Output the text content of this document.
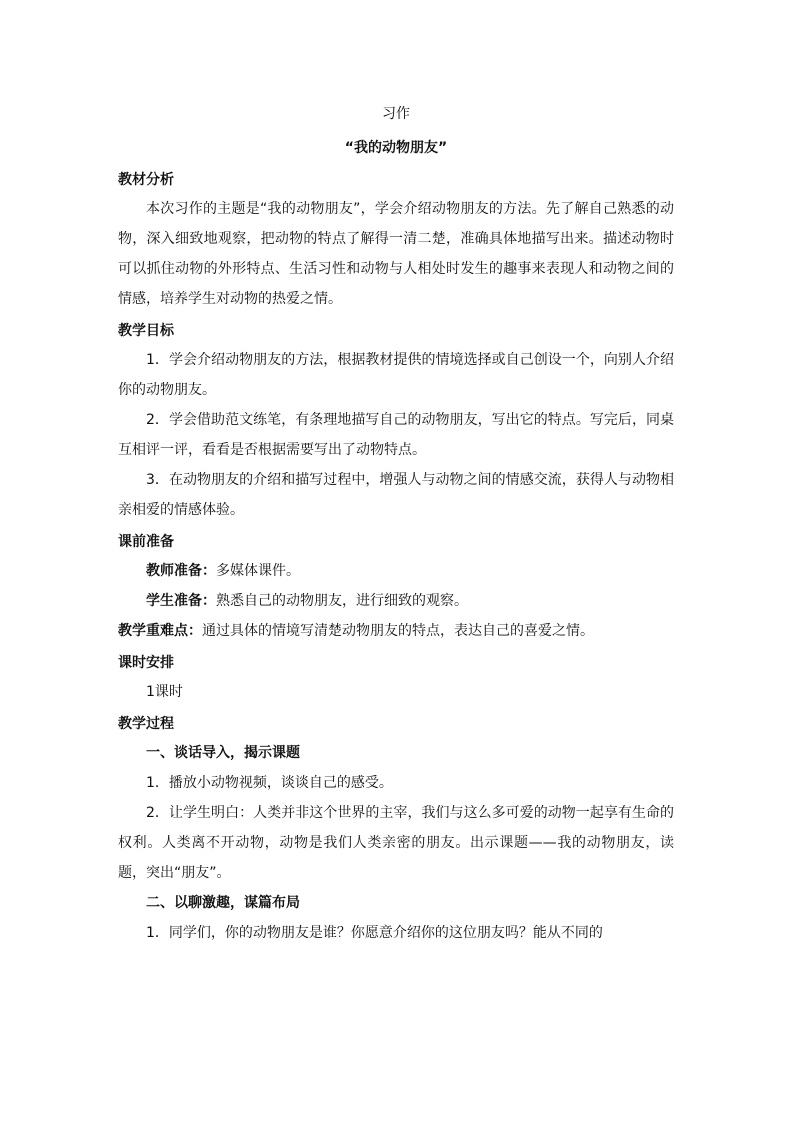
习作
“我的动物朋友”
教材分析

本次习作的主题是“我的动物朋友”，学会介绍动物朋友的方法。先了解自己熟悉的动物，深入细致地观察，把动物的特点了解得一清二楚，准确具体地描写出来。描述动物时可以抓住动物的外形特点、生活习性和动物与人相处时发生的趣事来表现人和动物之间的情感，培养学生对动物的热爱之情。

教学目标

1．学会介绍动物朋友的方法，根据教材提供的情境选择或自己创设一个，向别人介绍你的动物朋友。

2．学会借助范文练笔，有条理地描写自己的动物朋友，写出它的特点。写完后，同桌互相评一评，看看是否根据需要写出了动物特点。

3．在动物朋友的介绍和描写过程中，增强人与动物之间的情感交流，获得人与动物相亲相爱的情感体验。

课前准备

教师准备：多媒体课件。

学生准备：熟悉自己的动物朋友，进行细致的观察。

教学重难点：通过具体的情境写清楚动物朋友的特点，表达自己的喜爱之情。

课时安排

1课时

教学过程

一、谈话导入，揭示课题

1．播放小动物视频，谈谈自己的感受。

2．让学生明白：人类并非这个世界的主宰，我们与这么多可爱的动物一起享有生命的权利。人类离不开动物，动物是我们人类亲密的朋友。出示课题——我的动物朋友，读题，突出“朋友”。

二、以聊激趣，谋篇布局

1．同学们，你的动物朋友是谁？你愿意介绍你的这位朋友吗？能从不同的
